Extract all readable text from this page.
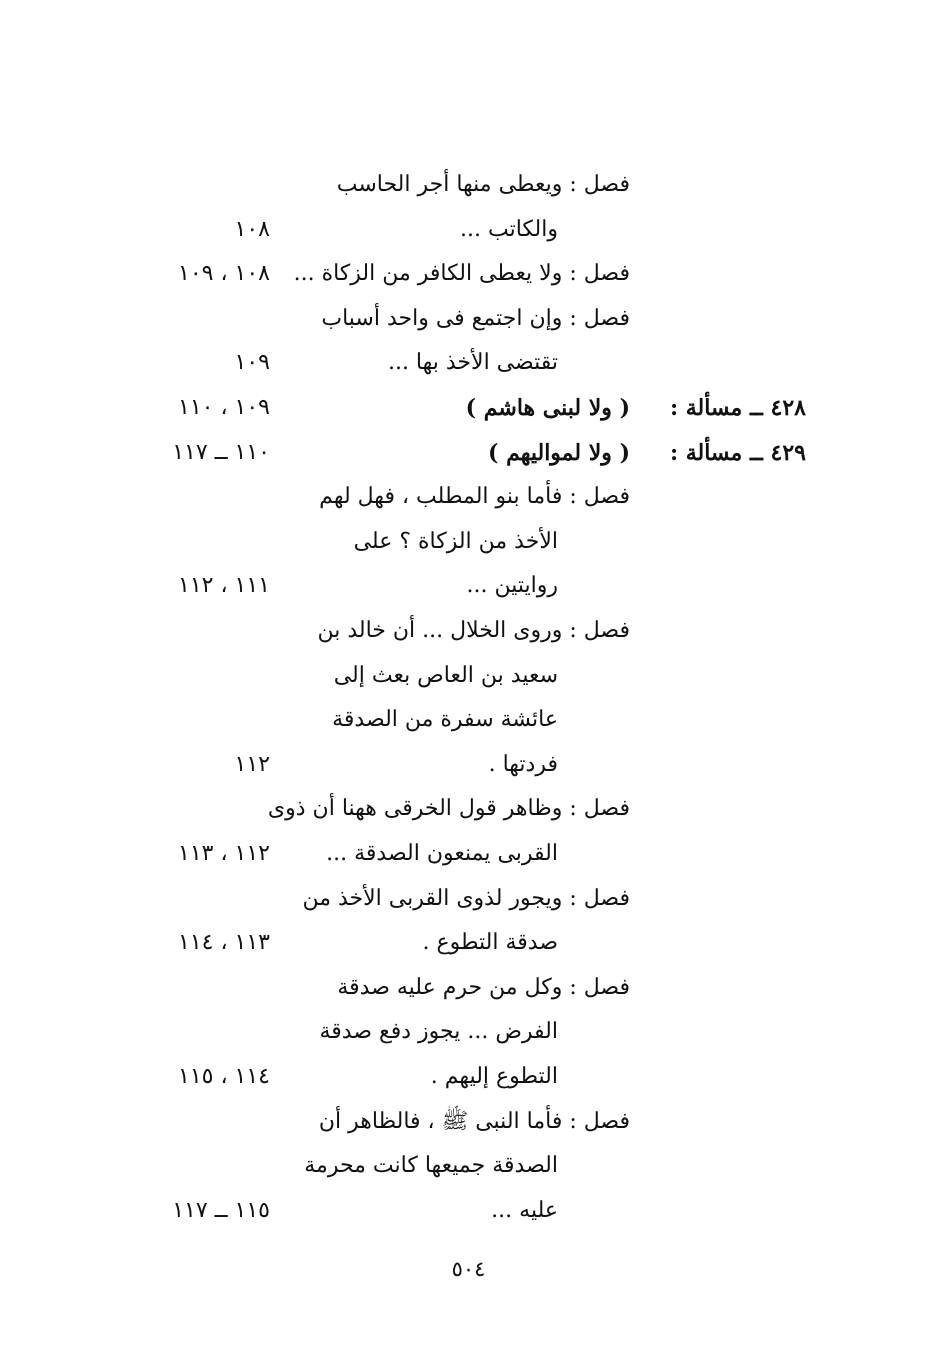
فصل : ويعطى منها أجر الحاسب
والكاتب ...
١٠٨
فصل : ولا يعطى الكافر من الزكاة ...
١٠٨ ، ١٠٩
فصل : وإن اجتمع فى واحد أسباب
تقتضى الأخذ بها ...
١٠٩
٤٢٨ ــ مسألة :
( ولا لبنى هاشم )
١٠٩ ، ١١٠
٤٢٩ ــ مسألة :
( ولا لمواليهم )
١١٠ ــ ١١٧
فصل : فأما بنو المطلب ، فهل لهم
الأخذ من الزكاة ؟ على
روايتين ...
١١١ ، ١١٢
فصل : وروى الخلال ... أن خالد بن
سعيد بن العاص بعث إلى
عائشة سفرة من الصدقة
فردتها .
١١٢
فصل : وظاهر قول الخرقى ههنا أن ذوى
القربى يمنعون الصدقة ...
١١٢ ، ١١٣
فصل : ويجور لذوى القربى الأخذ من
صدقة التطوع .
١١٣ ، ١١٤
فصل : وكل من حرم عليه صدقة
الفرض ... يجوز دفع صدقة
التطوع إليهم .
١١٤ ، ١١٥
فصل : فأما النبى ﷺ ، فالظاهر أن
الصدقة جميعها كانت محرمة
عليه ...
١١٥ ــ ١١٧
٥٠٤
